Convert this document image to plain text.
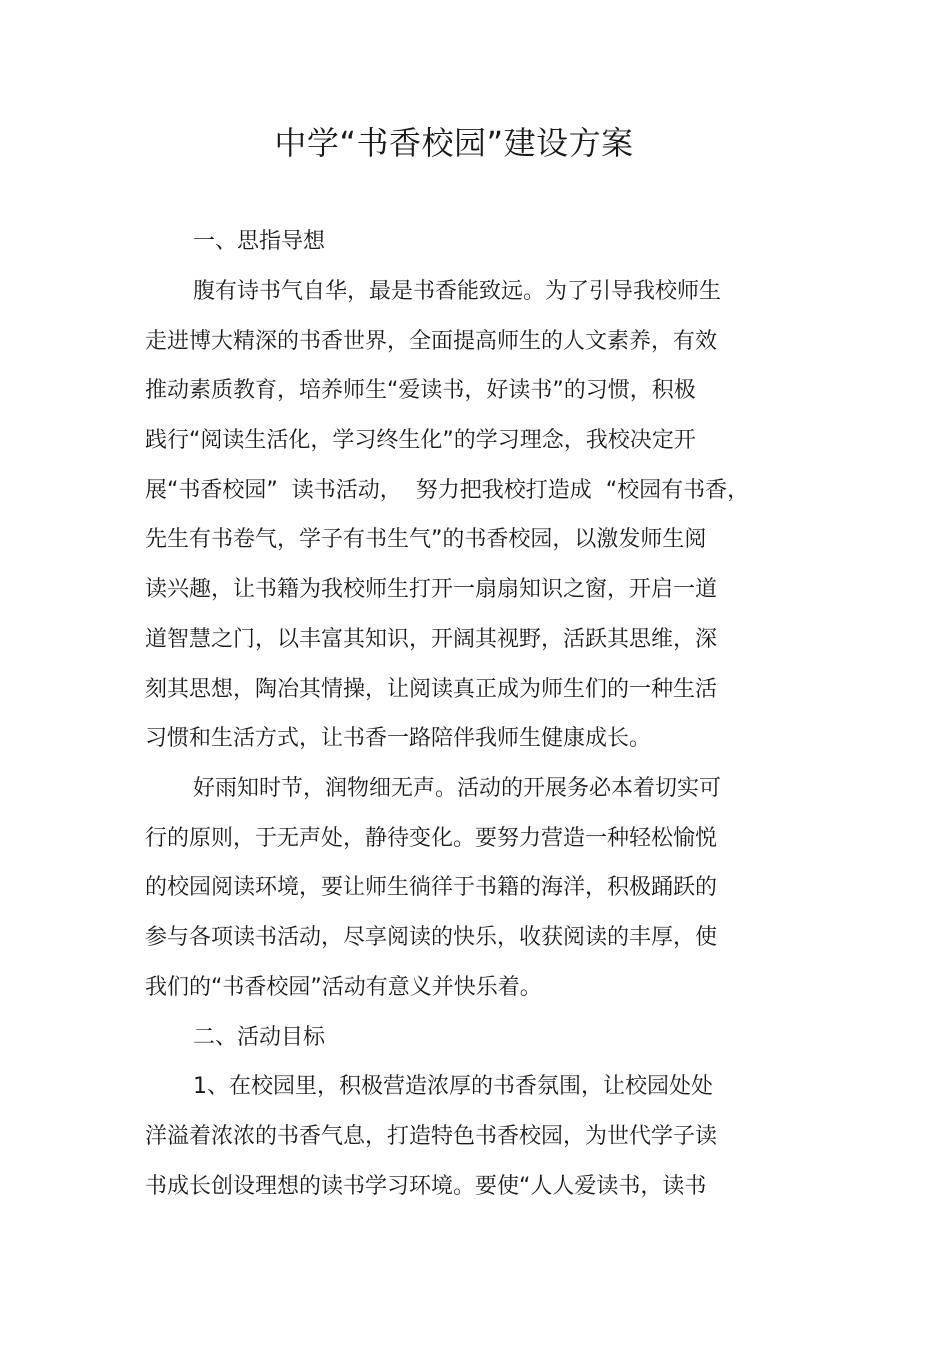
中学“书香校园”建设方案
一、思指导想
腹有诗书气自华，最是书香能致远。为了引导我校师生
走进博大精深的书香世界，全面提高师生的人文素养，有效
推动素质教育，培养师生“爱读书，好读书”的习惯，积极
践行“阅读生活化，学习终生化”的学习理念，我校决定开
展“书香校园”  读书活动，  努力把我校打造成  “校园有书香，
先生有书卷气，学子有书生气”的书香校园，以激发师生阅
读兴趣，让书籍为我校师生打开一扇扇知识之窗，开启一道
道智慧之门，以丰富其知识，开阔其视野，活跃其思维，深
刻其思想，陶冶其情操，让阅读真正成为师生们的一种生活
习惯和生活方式，让书香一路陪伴我师生健康成长。
好雨知时节，润物细无声。活动的开展务必本着切实可
行的原则，于无声处，静待变化。要努力营造一种轻松愉悦
的校园阅读环境，要让师生徜徉于书籍的海洋，积极踊跃的
参与各项读书活动，尽享阅读的快乐，收获阅读的丰厚，使
我们的“书香校园”活动有意义并快乐着。
二、活动目标
1、在校园里，积极营造浓厚的书香氛围，让校园处处
洋溢着浓浓的书香气息，打造特色书香校园，为世代学子读
书成长创设理想的读书学习环境。要使“人人爱读书，读书
